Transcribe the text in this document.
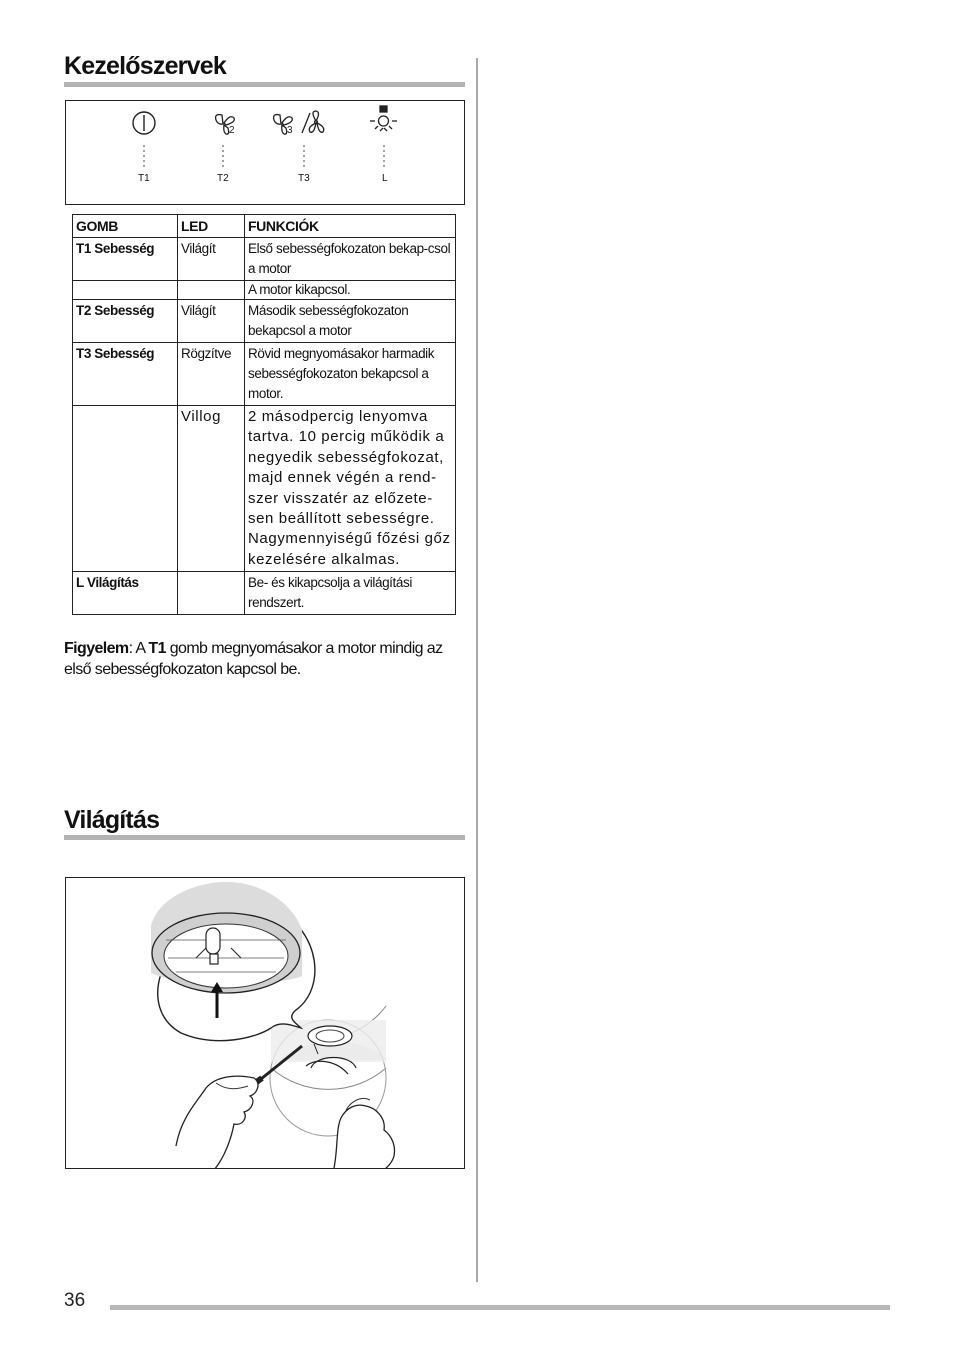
Kezelőszervek
2	3
T1	T2	T3	L
GOMB	LED	FUNKCIÓK
T1 Sebesség	Világít	Első sebességfokozaton bekap-csol a motor
		A motor kikapcsol.
T2 Sebesség	Világít	Második sebességfokozaton bekapcsol a motor
T3 Sebesség	Rögzítve	Rövid megnyomásakor harmadik sebességfokozaton bekapcsol a motor.
	Villog	2 másodpercig lenyomva tartva. 10 percig működik a negyedik sebességfokozat, majd ennek végén a rend-szer visszatér az előzete-sen beállított sebességre. Nagymennyiségű főzési gőz kezelésére alkalmas.
L Világítás		Be- és kikapcsolja a világítási rendszert.
Figyelem: A T1 gomb megnyomásakor a motor mindig az első sebességfokozaton kapcsol be.
Világítás
36
